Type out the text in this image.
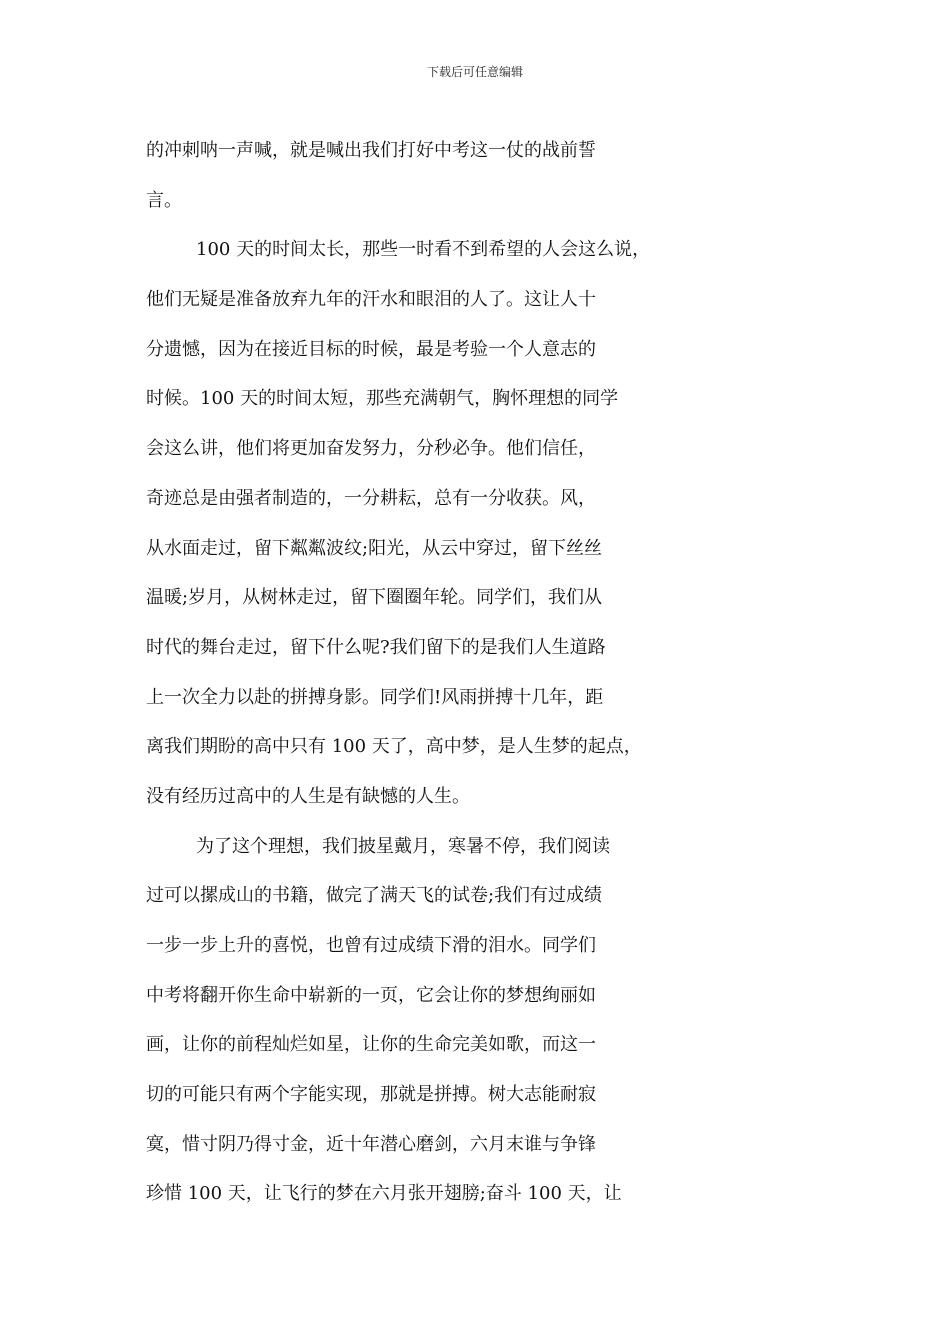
下载后可任意编辑
的冲刺呐一声喊，就是喊出我们打好中考这一仗的战前誓
言。
100 天的时间太长，那些一时看不到希望的人会这么说，
他们无疑是准备放弃九年的汗水和眼泪的人了。这让人十
分遗憾，因为在接近目标的时候，最是考验一个人意志的
时候。100 天的时间太短，那些充满朝气，胸怀理想的同学
会这么讲，他们将更加奋发努力，分秒必争。他们信任，
奇迹总是由强者制造的，一分耕耘，总有一分收获。风，
从水面走过，留下粼粼波纹;阳光，从云中穿过，留下丝丝
温暖;岁月，从树林走过，留下圈圈年轮。同学们，我们从
时代的舞台走过，留下什么呢?我们留下的是我们人生道路
上一次全力以赴的拼搏身影。同学们!风雨拼搏十几年，距
离我们期盼的高中只有 100 天了，高中梦，是人生梦的起点，
没有经历过高中的人生是有缺憾的人生。
为了这个理想，我们披星戴月，寒暑不停，我们阅读
过可以摞成山的书籍，做完了满天飞的试卷;我们有过成绩
一步一步上升的喜悦，也曾有过成绩下滑的泪水。同学们
中考将翻开你生命中崭新的一页，它会让你的梦想绚丽如
画，让你的前程灿烂如星，让你的生命完美如歌，而这一
切的可能只有两个字能实现，那就是拼搏。树大志能耐寂
寞，惜寸阴乃得寸金，近十年潜心磨剑，六月末谁与争锋
珍惜 100 天，让飞行的梦在六月张开翅膀;奋斗 100 天，让
